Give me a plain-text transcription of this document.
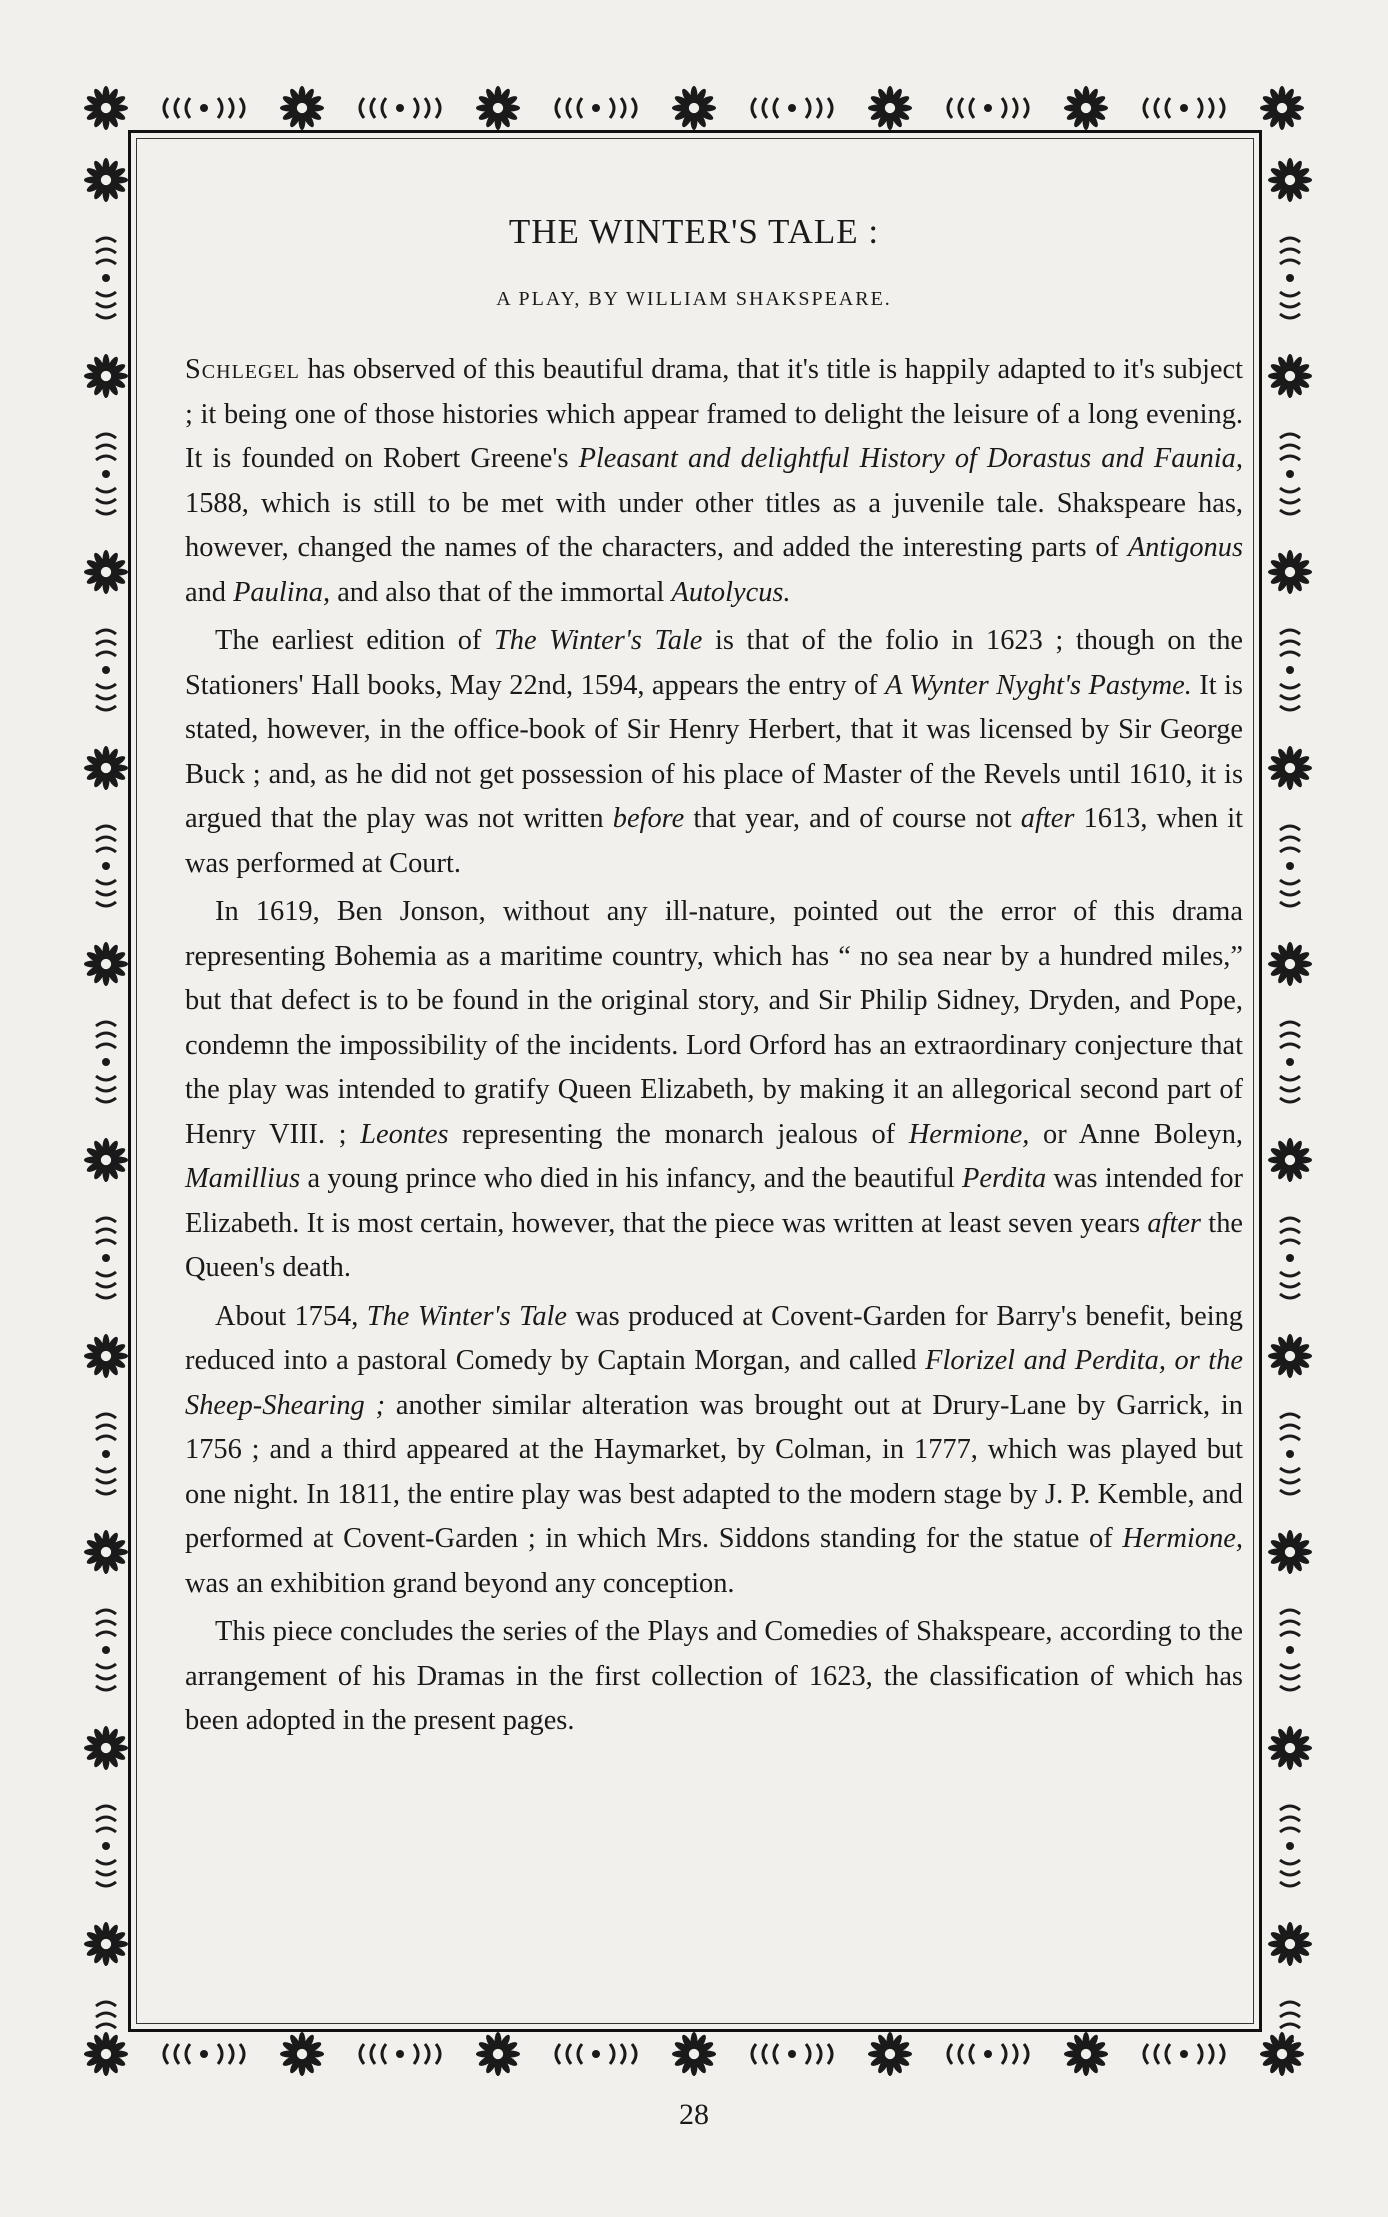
THE WINTER'S TALE :
A PLAY, BY WILLIAM SHAKSPEARE.

Schlegel has observed of this beautiful drama, that it's title is happily adapted to it's subject ; it being one of those histories which appear framed to delight the leisure of a long evening. It is founded on Robert Greene's Pleasant and delightful History of Dorastus and Faunia, 1588, which is still to be met with under other titles as a juvenile tale. Shakspeare has, however, changed the names of the characters, and added the interesting parts of Antigonus and Paulina, and also that of the immortal Autolycus.

The earliest edition of The Winter's Tale is that of the folio in 1623 ; though on the Stationers' Hall books, May 22nd, 1594, appears the entry of A Wynter Nyght's Pastyme. It is stated, however, in the office-book of Sir Henry Herbert, that it was licensed by Sir George Buck ; and, as he did not get possession of his place of Master of the Revels until 1610, it is argued that the play was not written before that year, and of course not after 1613, when it was performed at Court.

In 1619, Ben Jonson, without any ill-nature, pointed out the error of this drama representing Bohemia as a maritime country, which has “ no sea near by a hundred miles,” but that defect is to be found in the original story, and Sir Philip Sidney, Dryden, and Pope, condemn the impossibility of the incidents. Lord Orford has an extraordinary conjecture that the play was intended to gratify Queen Elizabeth, by making it an allegorical second part of Henry VIII. ; Leontes representing the monarch jealous of Hermione, or Anne Boleyn, Mamillius a young prince who died in his infancy, and the beautiful Perdita was intended for Elizabeth. It is most certain, however, that the piece was written at least seven years after the Queen's death.

About 1754, The Winter's Tale was produced at Covent-Garden for Barry's benefit, being reduced into a pastoral Comedy by Captain Morgan, and called Florizel and Perdita, or the Sheep-Shearing ; another similar alteration was brought out at Drury-Lane by Garrick, in 1756 ; and a third appeared at the Haymarket, by Colman, in 1777, which was played but one night. In 1811, the entire play was best adapted to the modern stage by J. P. Kemble, and performed at Covent-Garden ; in which Mrs. Siddons standing for the statue of Hermione, was an exhibition grand beyond any conception.

This piece concludes the series of the Plays and Comedies of Shakspeare, according to the arrangement of his Dramas in the first collection of 1623, the classification of which has been adopted in the present pages.

28
